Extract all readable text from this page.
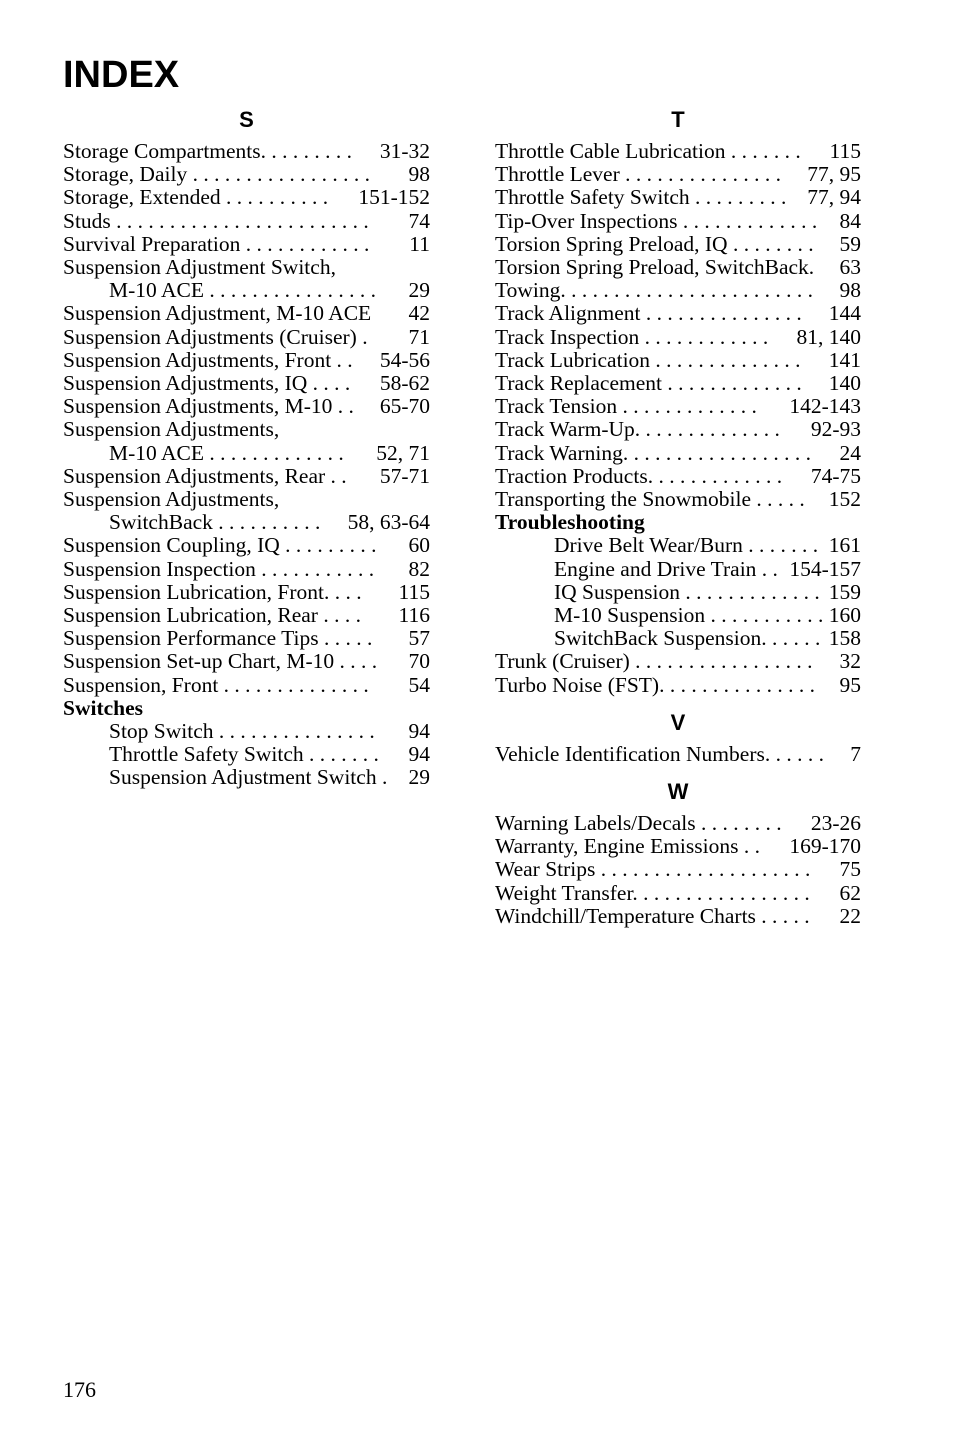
INDEX
S
Storage Compartments. . . . . . . . .	31-32
Storage, Daily . . . . . . . . . . . . . . . . .	98
Storage, Extended . . . . . . . . . .	151-152
Studs . . . . . . . . . . . . . . . . . . . . . . . .	74
Survival Preparation . . . . . . . . . . . .	11
Suspension Adjustment Switch,
M-10 ACE . . . . . . . . . . . . . . . .	29
Suspension Adjustment, M-10 ACE	42
Suspension Adjustments (Cruiser) .	71
Suspension Adjustments, Front . .	54-56
Suspension Adjustments, IQ . . . .	58-62
Suspension Adjustments, M-10 . .	65-70
Suspension Adjustments,
M-10 ACE . . . . . . . . . . . . .	52, 71
Suspension Adjustments, Rear . .	57-71
Suspension Adjustments,
SwitchBack . . . . . . . . . .	58, 63-64
Suspension Coupling, IQ . . . . . . . . .	60
Suspension Inspection . . . . . . . . . . .	82
Suspension Lubrication, Front. . . .	115
Suspension Lubrication, Rear . . . .	116
Suspension Performance Tips . . . . .	57
Suspension Set-up Chart, M-10 . . . .	70
Suspension, Front . . . . . . . . . . . . . .	54
Switches
Stop Switch . . . . . . . . . . . . . . .	94
Throttle Safety Switch . . . . . . .	94
Suspension Adjustment Switch . 29
T
Throttle Cable Lubrication . . . . . . .	115
Throttle Lever . . . . . . . . . . . . . . .	77, 95
Throttle Safety Switch . . . . . . . . . 77, 94
Tip-Over Inspections . . . . . . . . . . . . .	84
Torsion Spring Preload, IQ . . . . . . . .	59
Torsion Spring Preload, SwitchBack.	63
Towing. . . . . . . . . . . . . . . . . . . . . . . .	98
Track Alignment . . . . . . . . . . . . . . .	144
Track Inspection . . . . . . . . . . . .	81, 140
Track Lubrication . . . . . . . . . . . . . .	141
Track Replacement . . . . . . . . . . . . .	140
Track Tension . . . . . . . . . . . . .	142-143
Track Warm-Up. . . . . . . . . . . . . .	92-93
Track Warning. . . . . . . . . . . . . . . . . .	24
Traction Products. . . . . . . . . . . . .	74-75
Transporting the Snowmobile . . . . .	152
Troubleshooting
Drive Belt Wear/Burn . . . . . . . 161
Engine and Drive Train . . 154-157
IQ Suspension . . . . . . . . . . . . . 159
M-10 Suspension . . . . . . . . . . . 160
SwitchBack Suspension. . . . . . 158
Trunk (Cruiser) . . . . . . . . . . . . . . . . .	32
Turbo Noise (FST). . . . . . . . . . . . . . .	95
V
Vehicle Identification Numbers. . . . . .	7
W
Warning Labels/Decals . . . . . . . .	23-26
Warranty, Engine Emissions . .	169-170
Wear Strips . . . . . . . . . . . . . . . . . . . .	75
Weight Transfer. . . . . . . . . . . . . . . . .	62
Windchill/Temperature Charts . . . . .	22
176
